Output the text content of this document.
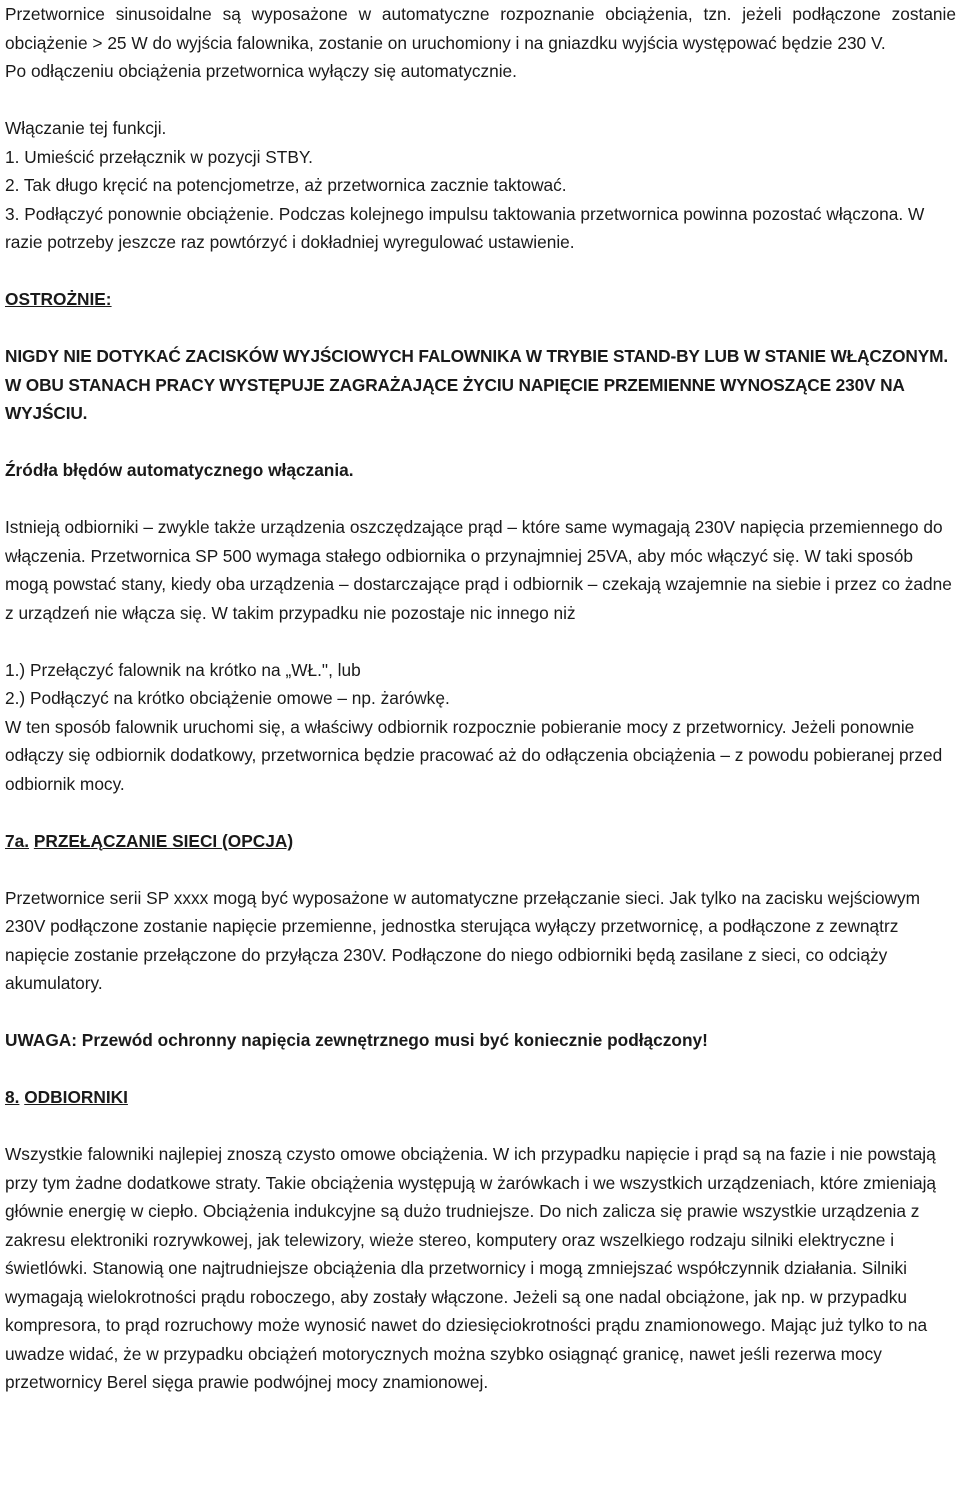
Przetwornice sinusoidalne są wyposażone w automatyczne rozpoznanie obciążenia, tzn. jeżeli podłączone zostanie obciążenie > 25 W do wyjścia falownika, zostanie on uruchomiony i na gniazdku wyjścia występować będzie 230 V.

Po odłączeniu obciążenia przetwornica wyłączy się automatycznie.

Włączanie tej funkcji.

1. Umieścić przełącznik w pozycji STBY.

2. Tak długo kręcić na potencjometrze, aż przetwornica zacznie taktować.

3. Podłączyć ponownie obciążenie. Podczas kolejnego impulsu taktowania przetwornica powinna pozostać włączona. W razie potrzeby jeszcze raz powtórzyć i dokładniej wyregulować ustawienie.

OSTROŻNIE:

NIGDY NIE DOTYKAĆ ZACISKÓW WYJŚCIOWYCH FALOWNIKA W TRYBIE STAND-BY LUB W STANIE WŁĄCZONYM. W OBU STANACH PRACY WYSTĘPUJE ZAGRAŻAJĄCE ŻYCIU NAPIĘCIE PRZEMIENNE WYNOSZĄCE 230V NA WYJŚCIU.

Źródła błędów automatycznego włączania.

Istnieją odbiorniki – zwykle także urządzenia oszczędzające prąd – które same wymagają 230V napięcia przemiennego do włączenia. Przetwornica SP 500 wymaga stałego odbiornika o przynajmniej 25VA, aby móc włączyć się. W taki sposób mogą powstać stany, kiedy oba urządzenia – dostarczające prąd i odbiornik – czekają wzajemnie na siebie i przez co żadne z urządzeń nie włącza się. W takim przypadku nie pozostaje nic innego niż

1.) Przełączyć falownik na krótko na „WŁ.", lub

2.) Podłączyć na krótko obciążenie omowe – np. żarówkę.

W ten sposób falownik uruchomi się, a właściwy odbiornik rozpocznie pobieranie mocy z przetwornicy. Jeżeli ponownie odłączy się odbiornik dodatkowy, przetwornica będzie pracować aż do odłączenia obciążenia – z powodu pobieranej przed odbiornik mocy.

7a. PRZEŁĄCZANIE SIECI (OPCJA)

Przetwornice serii SP xxxx mogą być wyposażone w automatyczne przełączanie sieci. Jak tylko na zacisku wejściowym 230V podłączone zostanie napięcie przemienne, jednostka sterująca wyłączy przetwornicę, a podłączone z zewnątrz napięcie zostanie przełączone do przyłącza 230V. Podłączone do niego odbiorniki będą zasilane z sieci, co odciąży akumulatory.

UWAGA: Przewód ochronny napięcia zewnętrznego musi być koniecznie podłączony!

8. ODBIORNIKI

Wszystkie falowniki najlepiej znoszą czysto omowe obciążenia. W ich przypadku napięcie i prąd są na fazie i nie powstają przy tym żadne dodatkowe straty. Takie obciążenia występują w żarówkach i we wszystkich urządzeniach, które zmieniają głównie energię w ciepło. Obciążenia indukcyjne są dużo trudniejsze. Do nich zalicza się prawie wszystkie urządzenia z zakresu elektroniki rozrywkowej, jak telewizory, wieże stereo, komputery oraz wszelkiego rodzaju silniki elektryczne i świetlówki. Stanowią one najtrudniejsze obciążenia dla przetwornicy i mogą zmniejszać współczynnik działania. Silniki wymagają wielokrotności prądu roboczego, aby zostały włączone. Jeżeli są one nadal obciążone, jak np. w przypadku kompresora, to prąd rozruchowy może wynosić nawet do dziesięciokrotności prądu znamionowego. Mając już tylko to na uwadze widać, że w przypadku obciążeń motorycznych można szybko osiągnąć granicę, nawet jeśli rezerwa mocy przetwornicy Berel sięga prawie podwójnej mocy znamionowej.
